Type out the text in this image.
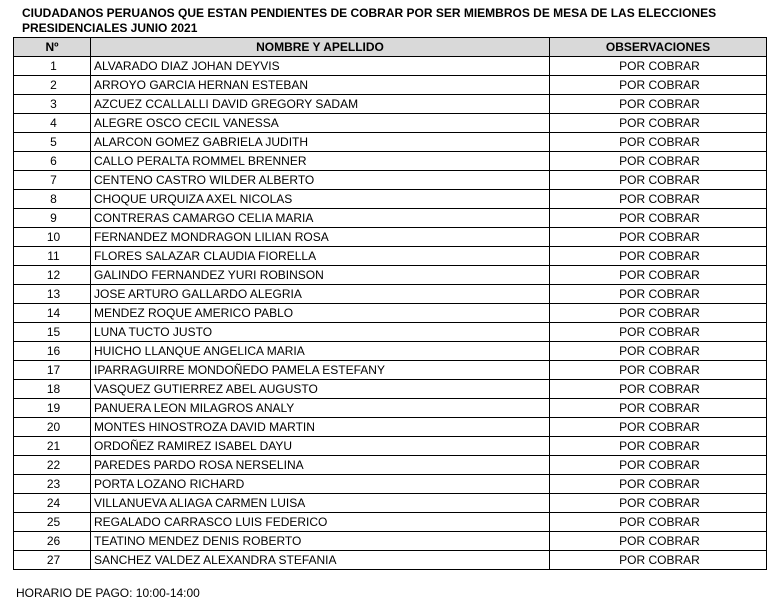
CIUDADANOS PERUANOS QUE ESTAN PENDIENTES DE COBRAR POR SER MIEMBROS DE MESA DE LAS ELECCIONES
PRESIDENCIALES JUNIO 2021
Nº	NOMBRE Y APELLIDO	OBSERVACIONES
1	ALVARADO DIAZ JOHAN DEYVIS	POR COBRAR
2	ARROYO GARCIA HERNAN ESTEBAN	POR COBRAR
3	AZCUEZ CCALLALLI DAVID GREGORY SADAM	POR COBRAR
4	ALEGRE OSCO CECIL VANESSA	POR COBRAR
5	ALARCON GOMEZ GABRIELA JUDITH	POR COBRAR
6	CALLO PERALTA ROMMEL BRENNER	POR COBRAR
7	CENTENO CASTRO WILDER ALBERTO	POR COBRAR
8	CHOQUE URQUIZA AXEL NICOLAS	POR COBRAR
9	CONTRERAS CAMARGO CELIA MARIA	POR COBRAR
10	FERNANDEZ MONDRAGON LILIAN ROSA	POR COBRAR
11	FLORES SALAZAR CLAUDIA FIORELLA	POR COBRAR
12	GALINDO FERNANDEZ YURI ROBINSON	POR COBRAR
13	JOSE ARTURO GALLARDO ALEGRIA	POR COBRAR
14	MENDEZ ROQUE AMERICO PABLO	POR COBRAR
15	LUNA TUCTO JUSTO	POR COBRAR
16	HUICHO LLANQUE ANGELICA MARIA	POR COBRAR
17	IPARRAGUIRRE MONDOÑEDO PAMELA ESTEFANY	POR COBRAR
18	VASQUEZ GUTIERREZ ABEL AUGUSTO	POR COBRAR
19	PANUERA LEON MILAGROS ANALY	POR COBRAR
20	MONTES HINOSTROZA DAVID MARTIN	POR COBRAR
21	ORDOÑEZ RAMIREZ ISABEL DAYU	POR COBRAR
22	PAREDES PARDO ROSA NERSELINA	POR COBRAR
23	PORTA LOZANO RICHARD	POR COBRAR
24	VILLANUEVA ALIAGA CARMEN LUISA	POR COBRAR
25	REGALADO CARRASCO LUIS FEDERICO	POR COBRAR
26	TEATINO MENDEZ DENIS ROBERTO	POR COBRAR
27	SANCHEZ VALDEZ ALEXANDRA STEFANIA	POR COBRAR
HORARIO DE PAGO: 10:00-14:00
